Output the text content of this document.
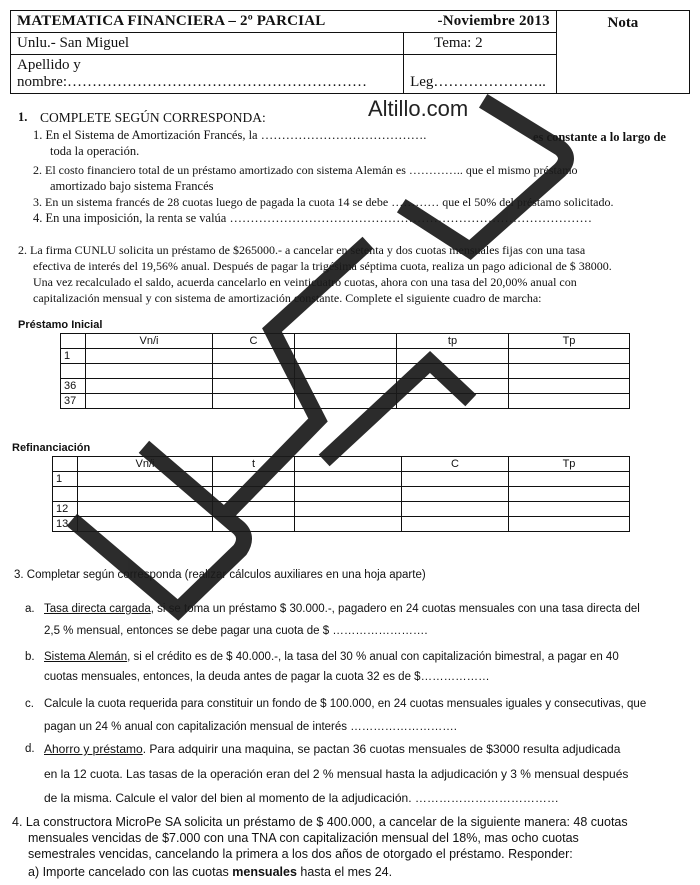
MATEMATICA FINANCIERA – 2º PARCIAL	-Noviembre 2013	Nota
Unlu.- San Miguel	Tema: 2	
Apellido y nombre:……………………………………………………	Leg…………………..	
Altillo.com
1. COMPLETE SEGÚN CORRESPONDA:
1. En el Sistema de Amortización Francés, la ………………………………….	es constante a lo largo de
toda la operación.
2. El costo financiero total de un préstamo amortizado con sistema Alemán es ………….. que el mismo préstamo
amortizado bajo sistema Francés
3. En un sistema francés de 28 cuotas luego de pagada la cuota 14 se debe ………… que el 50% del préstamo solicitado.
4. En una imposición, la renta se valúa ……………………………………………………………………………
2. La firma CUNLU solicita un préstamo de $265000.- a cancelar en setenta y dos cuotas mensuales fijas con una tasa
efectiva de interés del 19,56% anual. Después de pagar la trigésima séptima cuota, realiza un pago adicional de $ 38000.
Una vez recalculado el saldo, acuerda cancelarlo en veinticuatro cuotas, ahora con una tasa del 20,00% anual con
capitalización mensual y con sistema de amortización constante. Complete el siguiente cuadro de marcha:
Préstamo Inicial
	Vn/i	C		tp	Tp
1					

36					
37					
Refinanciación
	Vn/i	t		C	Tp
1					

12					
13					
3. Completar según corresponda (realizar cálculos auxiliares en una hoja aparte)
a. Tasa directa cargada, si se toma un préstamo $ 30.000.-, pagadero en 24 cuotas mensuales con una tasa directa del
2,5 % mensual, entonces se debe pagar una cuota de $ …………………….
b. Sistema Alemán, si el crédito es de $ 40.000.-, la tasa del 30 % anual con capitalización bimestral, a pagar en 40
cuotas mensuales, entonces, la deuda antes de pagar la cuota 32 es de $………………
c. Calcule la cuota requerida para constituir un fondo de $ 100.000, en 24 cuotas mensuales iguales y consecutivas, que
pagan un 24 % anual con capitalización mensual de interés ……………………….
d. Ahorro y préstamo. Para adquirir una maquina, se pactan 36 cuotas mensuales de $3000 resulta adjudicada
en la 12 cuota. Las tasas de la operación eran del 2 % mensual hasta la adjudicación y 3 % mensual después
de la misma. Calcule el valor del bien al momento de la adjudicación. ………………………………
4. La constructora MicroPe SA solicita un préstamo de $ 400.000, a cancelar de la siguiente manera: 48 cuotas
mensuales vencidas de $7.000 con una TNA con capitalización mensual del 18%, mas ocho cuotas
semestrales vencidas, cancelando la primera a los dos años de otorgado el préstamo. Responder:
a) Importe cancelado con las cuotas mensuales hasta el mes 24.
UNLU
